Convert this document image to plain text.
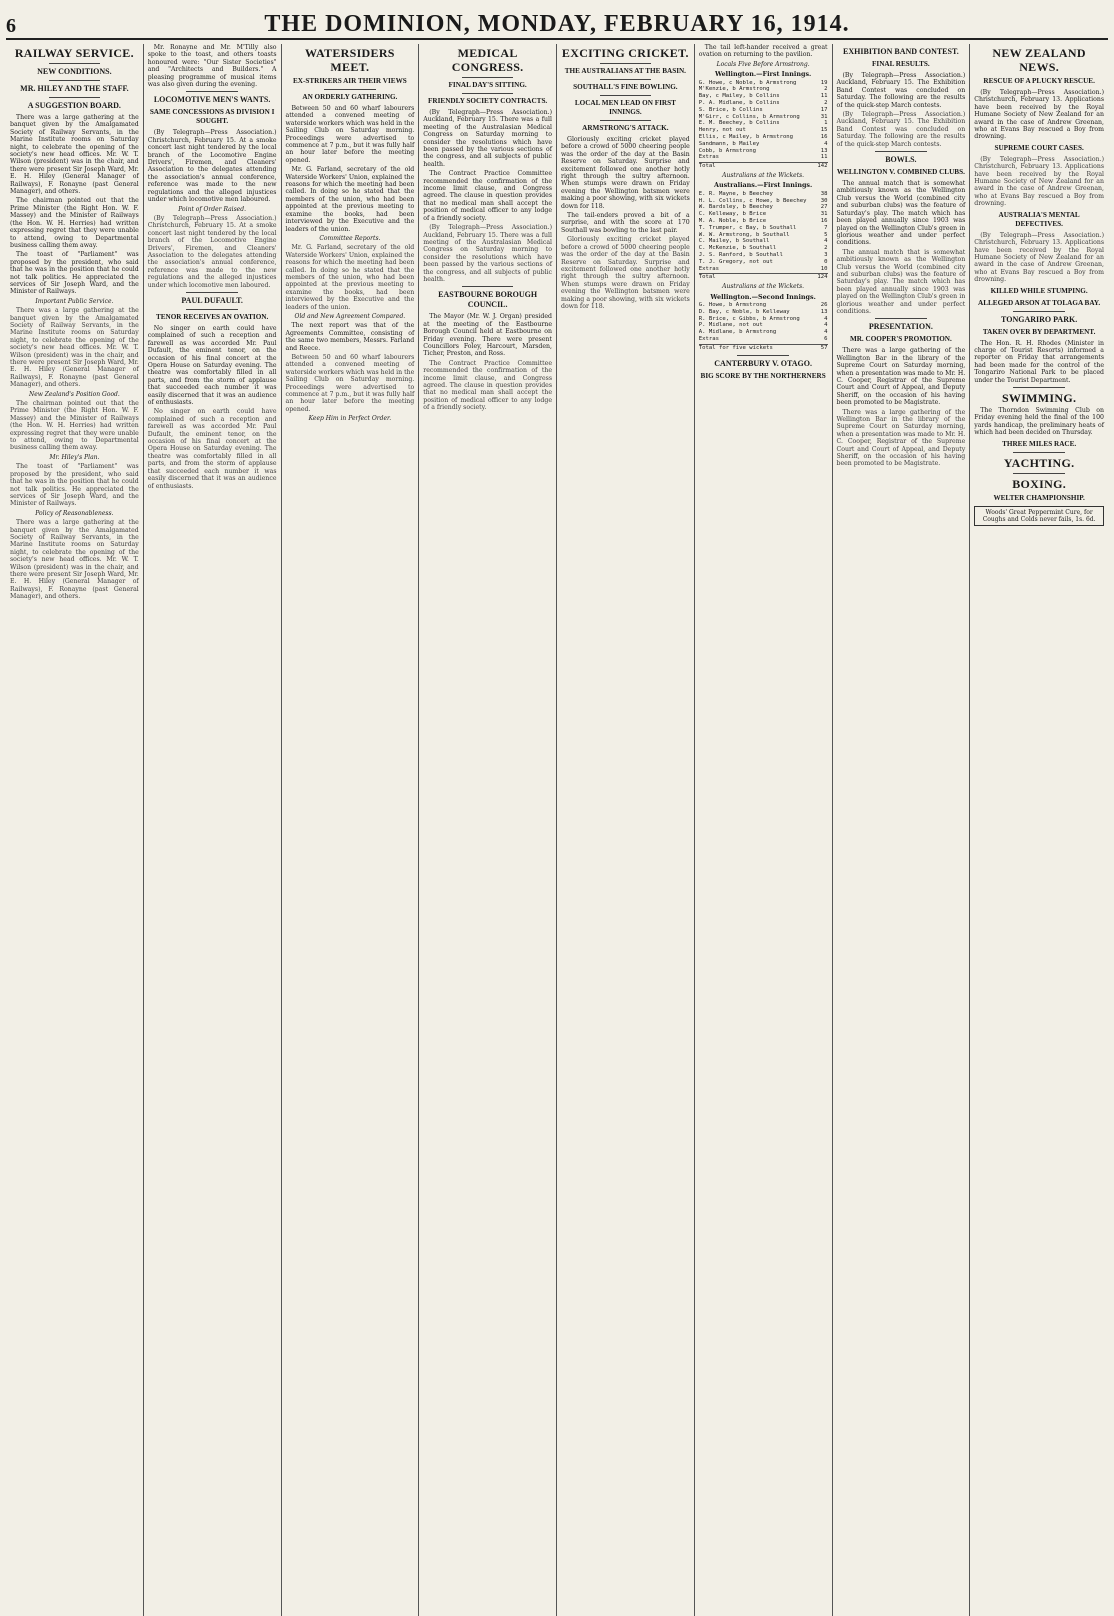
6	THE DOMINION, MONDAY, FEBRUARY 16, 1914.
RAILWAY SERVICE.
NEW CONDITIONS.
MR. HILEY AND THE STAFF.
A SUGGESTION BOARD.

There was a large gathering at the banquet given by the Amalgamated Society of Railway Servants, in the Marine Institute rooms on Saturday night, to celebrate the opening of the society's new head offices. Mr. W. T. Wilson (president) was in the chair, and there were present Sir Joseph Ward, Mr. E. H. Hiley (General Manager of Railways), F. Ronayne (past General Manager), and others.

The chairman pointed out that the Prime Minister (the Right Hon. W. F. Massey) and the Minister of Railways (the Hon. W. H. Herries) had written expressing regret that they were unable to attend, owing to Departmental business calling them away.

The toast of "Parliament" was proposed by the president, who said that he was in the position that he could not talk politics. He appreciated the services of Sir Joseph Ward, and the Minister of Railways.

Important Public Service.

There was a large gathering at the banquet given by the Amalgamated Society of Railway Servants, in the Marine Institute rooms on Saturday night, to celebrate the opening of the society's new head offices. Mr. W. T. Wilson (president) was in the chair, and there were present Sir Joseph Ward, Mr. E. H. Hiley (General Manager of Railways), F. Ronayne (past General Manager), and others.

New Zealand's Position Good.

The chairman pointed out that the Prime Minister (the Right Hon. W. F. Massey) and the Minister of Railways (the Hon. W. H. Herries) had written expressing regret that they were unable to attend, owing to Departmental business calling them away.

Mr. Hiley's Plan.

The toast of "Parliament" was proposed by the president, who said that he was in the position that he could not talk politics. He appreciated the services of Sir Joseph Ward, and the Minister of Railways.

Policy of Reasonableness.

There was a large gathering at the banquet given by the Amalgamated Society of Railway Servants, in the Marine Institute rooms on Saturday night, to celebrate the opening of the society's new head offices. Mr. W. T. Wilson (president) was in the chair, and there were present Sir Joseph Ward, Mr. E. H. Hiley (General Manager of Railways), F. Ronayne (past General Manager), and others.

Mr. Ronayne and Mr. M'Tilly also spoke to the toast, and others toasts honoured were: "Our Sister Societies" and "Architects and Builders." A pleasing programme of musical items was also given during the evening.

LOCOMOTIVE MEN'S WANTS.
SAME CONCESSIONS AS DIVISION I SOUGHT.

(By Telegraph—Press Association.) Christchurch, February 15. At a smoke concert last night tendered by the local branch of the Locomotive Engine Drivers', Firemen, and Cleaners' Association to the delegates attending the association's annual conference, reference was made to the new regulations and the alleged injustices under which locomotive men laboured.

Point of Order Raised.

(By Telegraph—Press Association.) Christchurch, February 15. At a smoke concert last night tendered by the local branch of the Locomotive Engine Drivers', Firemen, and Cleaners' Association to the delegates attending the association's annual conference, reference was made to the new regulations and the alleged injustices under which locomotive men laboured.

PAUL DUFAULT.
TENOR RECEIVES AN OVATION.

No singer on earth could have complained of such a reception and farewell as was accorded Mr. Paul Dufault, the eminent tenor, on the occasion of his final concert at the Opera House on Saturday evening. The theatre was comfortably filled in all parts, and from the storm of applause that succeeded each number it was easily discerned that it was an audience of enthusiasts.

No singer on earth could have complained of such a reception and farewell as was accorded Mr. Paul Dufault, the eminent tenor, on the occasion of his final concert at the Opera House on Saturday evening. The theatre was comfortably filled in all parts, and from the storm of applause that succeeded each number it was easily discerned that it was an audience of enthusiasts.

WATERSIDERS MEET.
EX-STRIKERS AIR THEIR VIEWS
AN ORDERLY GATHERING.

Between 50 and 60 wharf labourers attended a convened meeting of waterside workers which was held in the Sailing Club on Saturday morning. Proceedings were advertised to commence at 7 p.m., but it was fully half an hour later before the meeting opened.

Mr. G. Farland, secretary of the old Waterside Workers' Union, explained the reasons for which the meeting had been called. In doing so he stated that the members of the union, who had been appointed at the previous meeting to examine the books, had been interviewed by the Executive and the leaders of the union.

Committee Reports.

Mr. G. Farland, secretary of the old Waterside Workers' Union, explained the reasons for which the meeting had been called. In doing so he stated that the members of the union, who had been appointed at the previous meeting to examine the books, had been interviewed by the Executive and the leaders of the union.

Old and New Agreement Compared.

The next report was that of the Agreements Committee, consisting of the same two members, Messrs. Farland and Reece.

Between 50 and 60 wharf labourers attended a convened meeting of waterside workers which was held in the Sailing Club on Saturday morning. Proceedings were advertised to commence at 7 p.m., but it was fully half an hour later before the meeting opened.

Keep Him in Perfect Order.
MEDICAL CONGRESS.
FINAL DAY'S SITTING.
FRIENDLY SOCIETY CONTRACTS.

(By Telegraph—Press Association.) Auckland, February 15. There was a full meeting of the Australasian Medical Congress on Saturday morning to consider the resolutions which have been passed by the various sections of the congress, and all subjects of public health.

The Contract Practice Committee recommended the confirmation of the income limit clause, and Congress agreed. The clause in question provides that no medical man shall accept the position of medical officer to any lodge of a friendly society.

(By Telegraph—Press Association.) Auckland, February 15. There was a full meeting of the Australasian Medical Congress on Saturday morning to consider the resolutions which have been passed by the various sections of the congress, and all subjects of public health.

EASTBOURNE BOROUGH COUNCIL.

The Mayor (Mr. W. J. Organ) presided at the meeting of the Eastbourne Borough Council held at Eastbourne on Friday evening. There were present Councillors Foley, Harcourt, Marsden, Ticher, Preston, and Ross.

The Contract Practice Committee recommended the confirmation of the income limit clause, and Congress agreed. The clause in question provides that no medical man shall accept the position of medical officer to any lodge of a friendly society.

EXCITING CRICKET.
THE AUSTRALIANS AT THE BASIN.
SOUTHALL'S FINE BOWLING.
LOCAL MEN LEAD ON FIRST INNINGS.
ARMSTRONG'S ATTACK.

Gloriously exciting cricket played before a crowd of 5000 cheering people was the order of the day at the Basin Reserve on Saturday. Surprise and excitement followed one another hotly right through the sultry afternoon. When stumps were drawn on Friday evening the Wellington batsmen were making a poor showing, with six wickets down for 118.

The tail-enders proved a bit of a surprise, and with the score at 170 Southall was bowling to the last pair.

Gloriously exciting cricket played before a crowd of 5000 cheering people was the order of the day at the Basin Reserve on Saturday. Surprise and excitement followed one another hotly right through the sultry afternoon. When stumps were drawn on Friday evening the Wellington batsmen were making a poor showing, with six wickets down for 118.

The tail left-hander received a great ovation on returning to the pavilion.

Locals Five Before Armstrong.
Wellington.—First Innings.
G. Howe, c Noble, b Armstrong	19
M'Kenzie, b Armstrong	2
Bay, c Mailey, b Collins	11
P. A. Midlane, b Collins	2
S. Brice, b Collins	17
M'Girr, c Collins, b Armstrong	31
E. M. Beechey, b Collins	1
Henry, not out	15
Ellis, c Mailey, b Armstrong	16
Sandmann, b Mailey	4
Cobb, b Armstrong	13
Extras	11
Total	142
Australians at the Wickets.
Australians.—First Innings.
E. R. Mayne, b Beechey	38
H. L. Collins, c Howe, b Beechey	30
W. Bardsley, b Beechey	27
C. Kelleway, b Brice	31
M. A. Noble, b Brice	16
T. Trumper, c Bay, b Southall	7
W. W. Armstrong, b Southall	5
C. Mailey, b Southall	4
C. McKenzie, b Southall	2
J. S. Ranford, b Southall	3
T. J. Gregory, not out	0
Extras	10
Total	124
Australians at the Wickets.
Wellington.—Second Innings.
G. Howe, b Armstrong	26
D. Bay, c Noble, b Kelleway	13
R. Brice, c Gibbs, b Armstrong	4
P. Midlane, not out	4
A. Midlane, b Armstrong	4
Extras	6
Total for five wickets	57
CANTERBURY V. OTAGO.
BIG SCORE BY THE NORTHERNERS
EXHIBITION BAND CONTEST.
FINAL RESULTS.

(By Telegraph—Press Association.) Auckland, February 15. The Exhibition Band Contest was concluded on Saturday. The following are the results of the quick-step March contests.

(By Telegraph—Press Association.) Auckland, February 15. The Exhibition Band Contest was concluded on Saturday. The following are the results of the quick-step March contests.

BOWLS.
WELLINGTON V. COMBINED CLUBS.

The annual match that is somewhat ambitiously known as the Wellington Club versus the World (combined city and suburban clubs) was the feature of Saturday's play. The match which has been played annually since 1903 was played on the Wellington Club's green in glorious weather and under perfect conditions.

The annual match that is somewhat ambitiously known as the Wellington Club versus the World (combined city and suburban clubs) was the feature of Saturday's play. The match which has been played annually since 1903 was played on the Wellington Club's green in glorious weather and under perfect conditions.

PRESENTATION.
MR. COOPER'S PROMOTION.

There was a large gathering of the Wellington Bar in the library of the Supreme Court on Saturday morning, when a presentation was made to Mr. H. C. Cooper, Registrar of the Supreme Court and Court of Appeal, and Deputy Sheriff, on the occasion of his having been promoted to be Magistrate.

There was a large gathering of the Wellington Bar in the library of the Supreme Court on Saturday morning, when a presentation was made to Mr. H. C. Cooper, Registrar of the Supreme Court and Court of Appeal, and Deputy Sheriff, on the occasion of his having been promoted to be Magistrate.

NEW ZEALAND NEWS.
RESCUE OF A PLUCKY RESCUE.

(By Telegraph—Press Association.) Christchurch, February 13. Applications have been received by the Royal Humane Society of New Zealand for an award in the case of Andrew Greenan, who at Evans Bay rescued a Boy from drowning.

SUPREME COURT CASES.

(By Telegraph—Press Association.) Christchurch, February 13. Applications have been received by the Royal Humane Society of New Zealand for an award in the case of Andrew Greenan, who at Evans Bay rescued a Boy from drowning.

AUSTRALIA'S MENTAL DEFECTIVES.

(By Telegraph—Press Association.) Christchurch, February 13. Applications have been received by the Royal Humane Society of New Zealand for an award in the case of Andrew Greenan, who at Evans Bay rescued a Boy from drowning.

KILLED WHILE STUMPING.
ALLEGED ARSON AT TOLAGA BAY.
TONGARIRO PARK.
TAKEN OVER BY DEPARTMENT.

The Hon. R. H. Rhodes (Minister in charge of Tourist Resorts) informed a reporter on Friday that arrangements had been made for the control of the Tongariro National Park to be placed under the Tourist Department.

SWIMMING.

The Thorndon Swimming Club on Friday evening held the final of the 100 yards handicap, the preliminary heats of which had been decided on Thursday.

THREE MILES RACE.
YACHTING.
BOXING.
WELTER CHAMPIONSHIP.
Woods' Great Peppermint Cure, for Coughs and Colds never fails, 1s. 6d.
